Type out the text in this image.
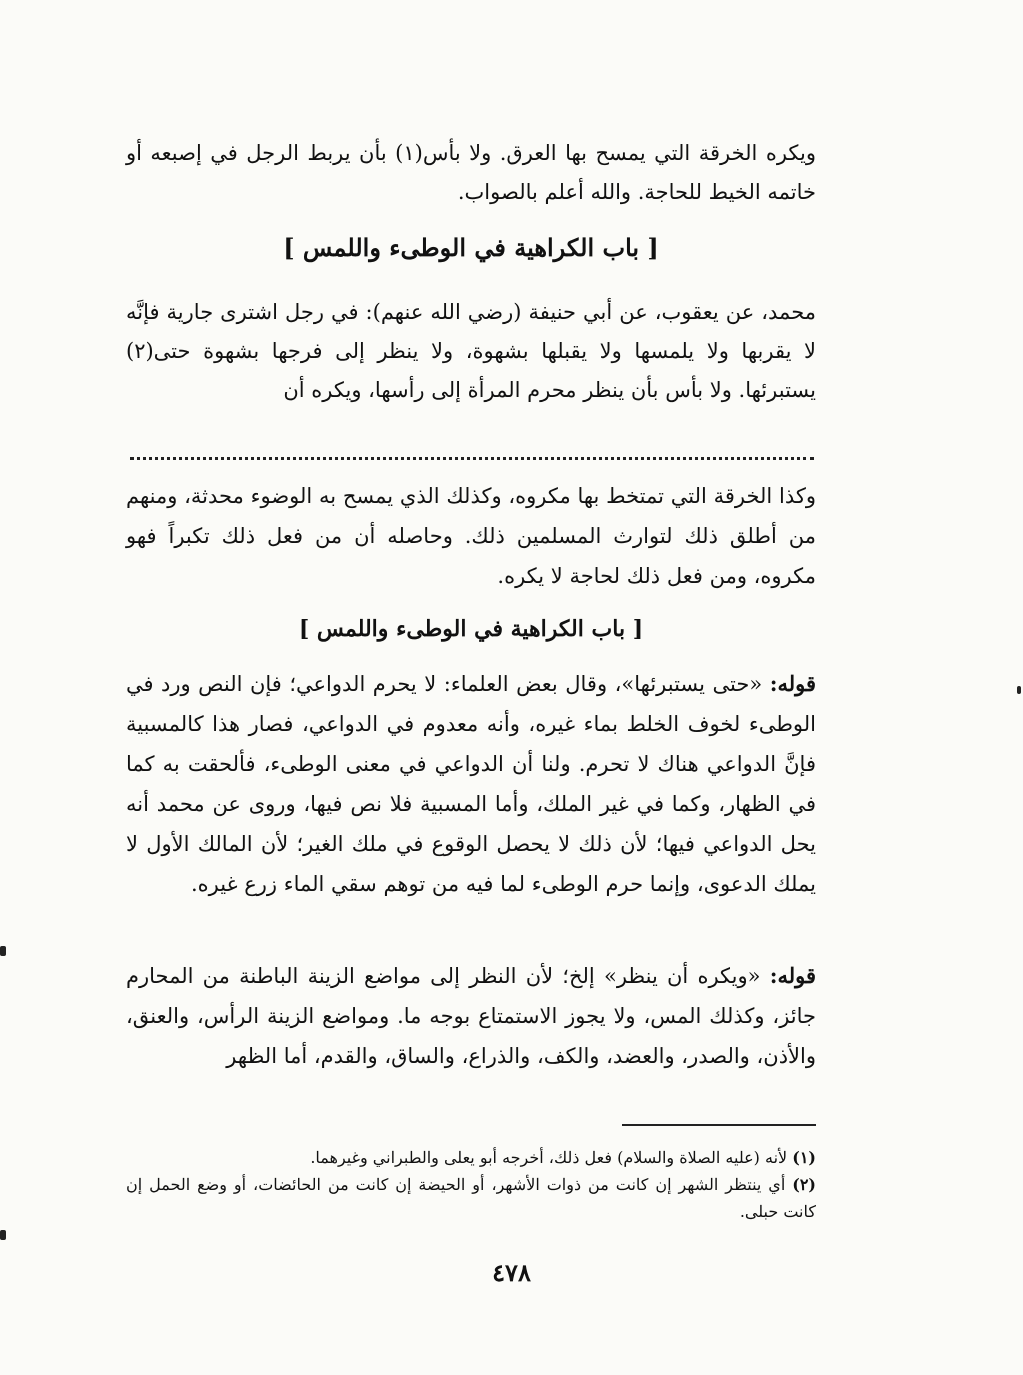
ويكره الخرقة التي يمسح بها العرق. ولا بأس(١) بأن يربط الرجل في إصبعه أو خاتمه الخيط للحاجة. والله أعلم بالصواب.

[ باب الكراهية في الوطىء واللمس ]

محمد، عن يعقوب، عن أبي حنيفة (رضي الله عنهم): في رجل اشترى جارية فإنَّه لا يقربها ولا يلمسها ولا يقبلها بشهوة، ولا ينظر إلى فرجها بشهوة حتى(٢) يستبرئها. ولا بأس بأن ينظر محرم المرأة إلى رأسها، ويكره أن

وكذا الخرقة التي تمتخط بها مكروه، وكذلك الذي يمسح به الوضوء محدثة، ومنهم من أطلق ذلك لتوارث المسلمين ذلك. وحاصله أن من فعل ذلك تكبراً فهو مكروه، ومن فعل ذلك لحاجة لا يكره.

[ باب الكراهية في الوطىء واللمس ]

قوله: «حتى يستبرئها»، وقال بعض العلماء: لا يحرم الدواعي؛ فإن النص ورد في الوطىء لخوف الخلط بماء غيره، وأنه معدوم في الدواعي، فصار هذا كالمسبية فإنَّ الدواعي هناك لا تحرم. ولنا أن الدواعي في معنى الوطىء، فألحقت به كما في الظهار، وكما في غير الملك، وأما المسبية فلا نص فيها، وروى عن محمد أنه يحل الدواعي فيها؛ لأن ذلك لا يحصل الوقوع في ملك الغير؛ لأن المالك الأول لا يملك الدعوى، وإنما حرم الوطىء لما فيه من توهم سقي الماء زرع غيره.

قوله: «ويكره أن ينظر» إلخ؛ لأن النظر إلى مواضع الزينة الباطنة من المحارم جائز، وكذلك المس، ولا يجوز الاستمتاع بوجه ما. ومواضع الزينة الرأس، والعنق، والأذن، والصدر، والعضد، والكف، والذراع، والساق، والقدم، أما الظهر

(١) لأنه (عليه الصلاة والسلام) فعل ذلك، أخرجه أبو يعلى والطبراني وغيرهما.

(٢) أي ينتظر الشهر إن كانت من ذوات الأشهر، أو الحيضة إن كانت من الحائضات، أو وضع الحمل إن كانت حبلى.

٤٧٨
